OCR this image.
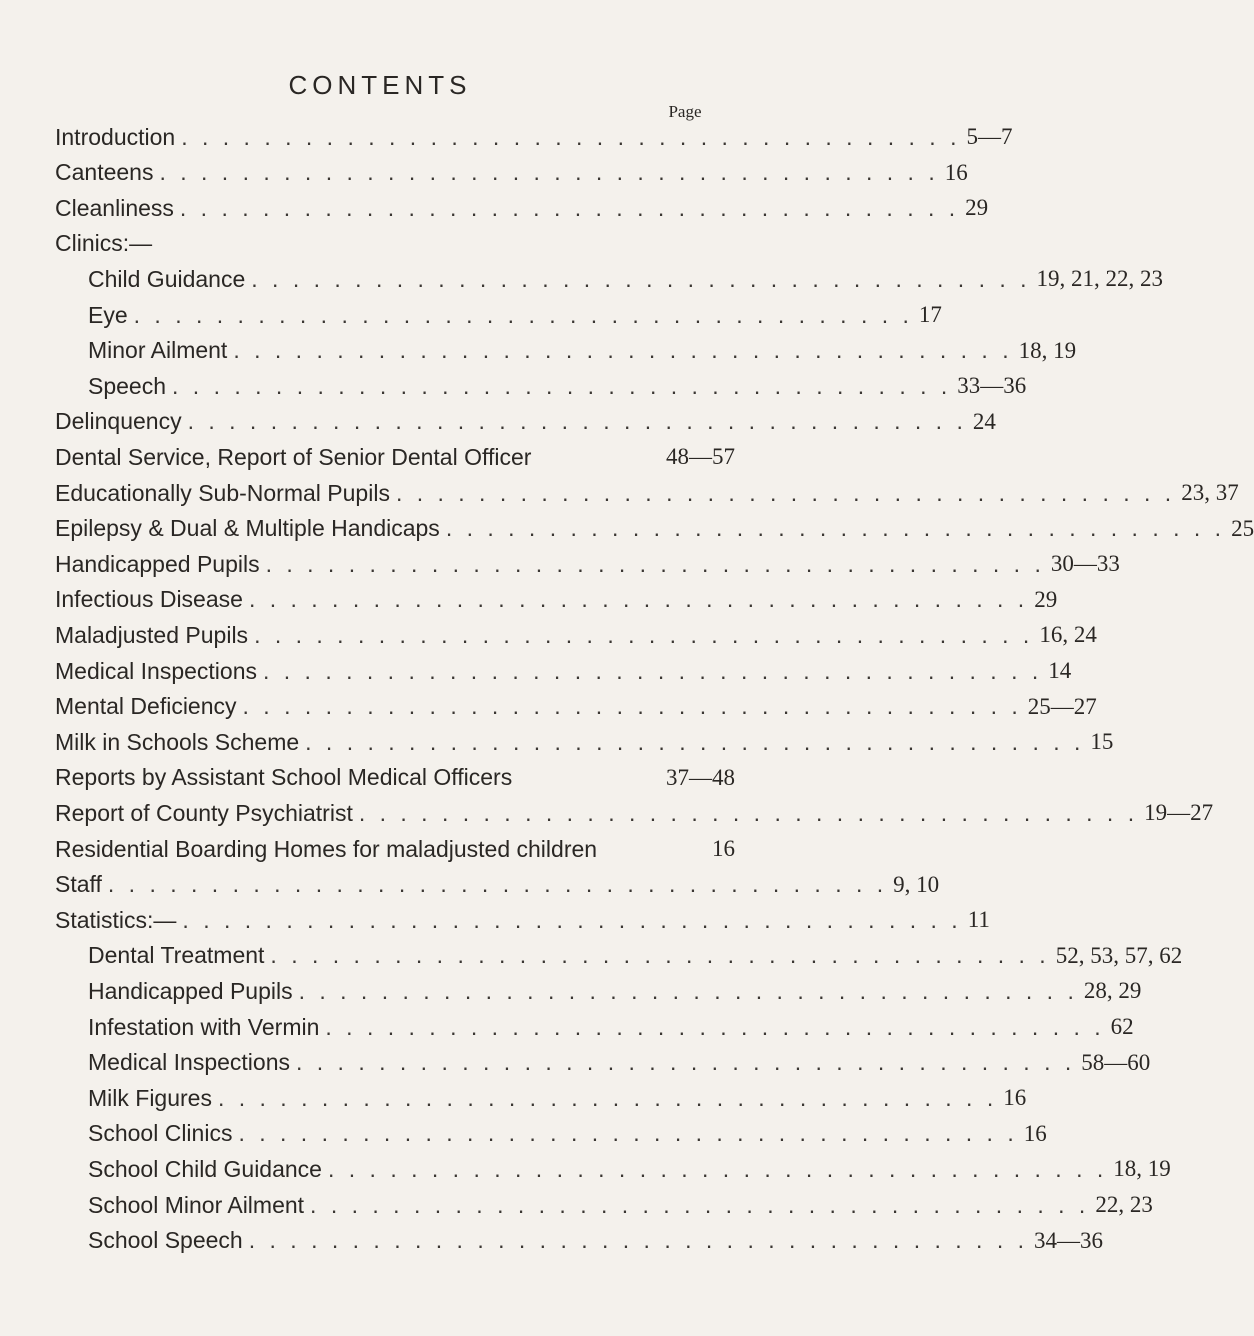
CONTENTS
Page
Introduction . . . . . . . . . . . . . . . . . . . . . . . . . . . . . . . . . . . . . . 5—7
Canteens . . . . . . . . . . . . . . . . . . . . . . . . . . . . . . . . . . . . . . 16
Cleanliness . . . . . . . . . . . . . . . . . . . . . . . . . . . . . . . . . . . . . . 29
Clinics:—
Child Guidance . . . . . . . . . . . . . . . . . . . . . . . . . . . . . . . . . . . . . . 19, 21, 22, 23
Eye . . . . . . . . . . . . . . . . . . . . . . . . . . . . . . . . . . . . . . 17
Minor Ailment . . . . . . . . . . . . . . . . . . . . . . . . . . . . . . . . . . . . . . 18, 19
Speech . . . . . . . . . . . . . . . . . . . . . . . . . . . . . . . . . . . . . . 33—36
Delinquency . . . . . . . . . . . . . . . . . . . . . . . . . . . . . . . . . . . . . . 24
Dental Service, Report of Senior Dental Officer	48—57
Educationally Sub-Normal Pupils . . . . . . . . . . . . . . . . . . . . . . . . . . . . . . . . . . . . . . 23, 37
Epilepsy & Dual & Multiple Handicaps . . . . . . . . . . . . . . . . . . . . . . . . . . . . . . . . . . . . . . 25
Handicapped Pupils . . . . . . . . . . . . . . . . . . . . . . . . . . . . . . . . . . . . . . 30—33
Infectious Disease . . . . . . . . . . . . . . . . . . . . . . . . . . . . . . . . . . . . . . 29
Maladjusted Pupils . . . . . . . . . . . . . . . . . . . . . . . . . . . . . . . . . . . . . . 16, 24
Medical Inspections . . . . . . . . . . . . . . . . . . . . . . . . . . . . . . . . . . . . . . 14
Mental Deficiency . . . . . . . . . . . . . . . . . . . . . . . . . . . . . . . . . . . . . . 25—27
Milk in Schools Scheme . . . . . . . . . . . . . . . . . . . . . . . . . . . . . . . . . . . . . . 15
Reports by Assistant School Medical Officers	37—48
Report of County Psychiatrist . . . . . . . . . . . . . . . . . . . . . . . . . . . . . . . . . . . . . . 19—27
Residential Boarding Homes for maladjusted children	16
Staff . . . . . . . . . . . . . . . . . . . . . . . . . . . . . . . . . . . . . . 9, 10
Statistics:— . . . . . . . . . . . . . . . . . . . . . . . . . . . . . . . . . . . . . . 11
Dental Treatment . . . . . . . . . . . . . . . . . . . . . . . . . . . . . . . . . . . . . . 52, 53, 57, 62
Handicapped Pupils . . . . . . . . . . . . . . . . . . . . . . . . . . . . . . . . . . . . . . 28, 29
Infestation with Vermin . . . . . . . . . . . . . . . . . . . . . . . . . . . . . . . . . . . . . . 62
Medical Inspections . . . . . . . . . . . . . . . . . . . . . . . . . . . . . . . . . . . . . . 58—60
Milk Figures . . . . . . . . . . . . . . . . . . . . . . . . . . . . . . . . . . . . . . 16
School Clinics . . . . . . . . . . . . . . . . . . . . . . . . . . . . . . . . . . . . . . 16
School Child Guidance . . . . . . . . . . . . . . . . . . . . . . . . . . . . . . . . . . . . . . 18, 19
School Minor Ailment . . . . . . . . . . . . . . . . . . . . . . . . . . . . . . . . . . . . . . 22, 23
School Speech . . . . . . . . . . . . . . . . . . . . . . . . . . . . . . . . . . . . . . 34—36
